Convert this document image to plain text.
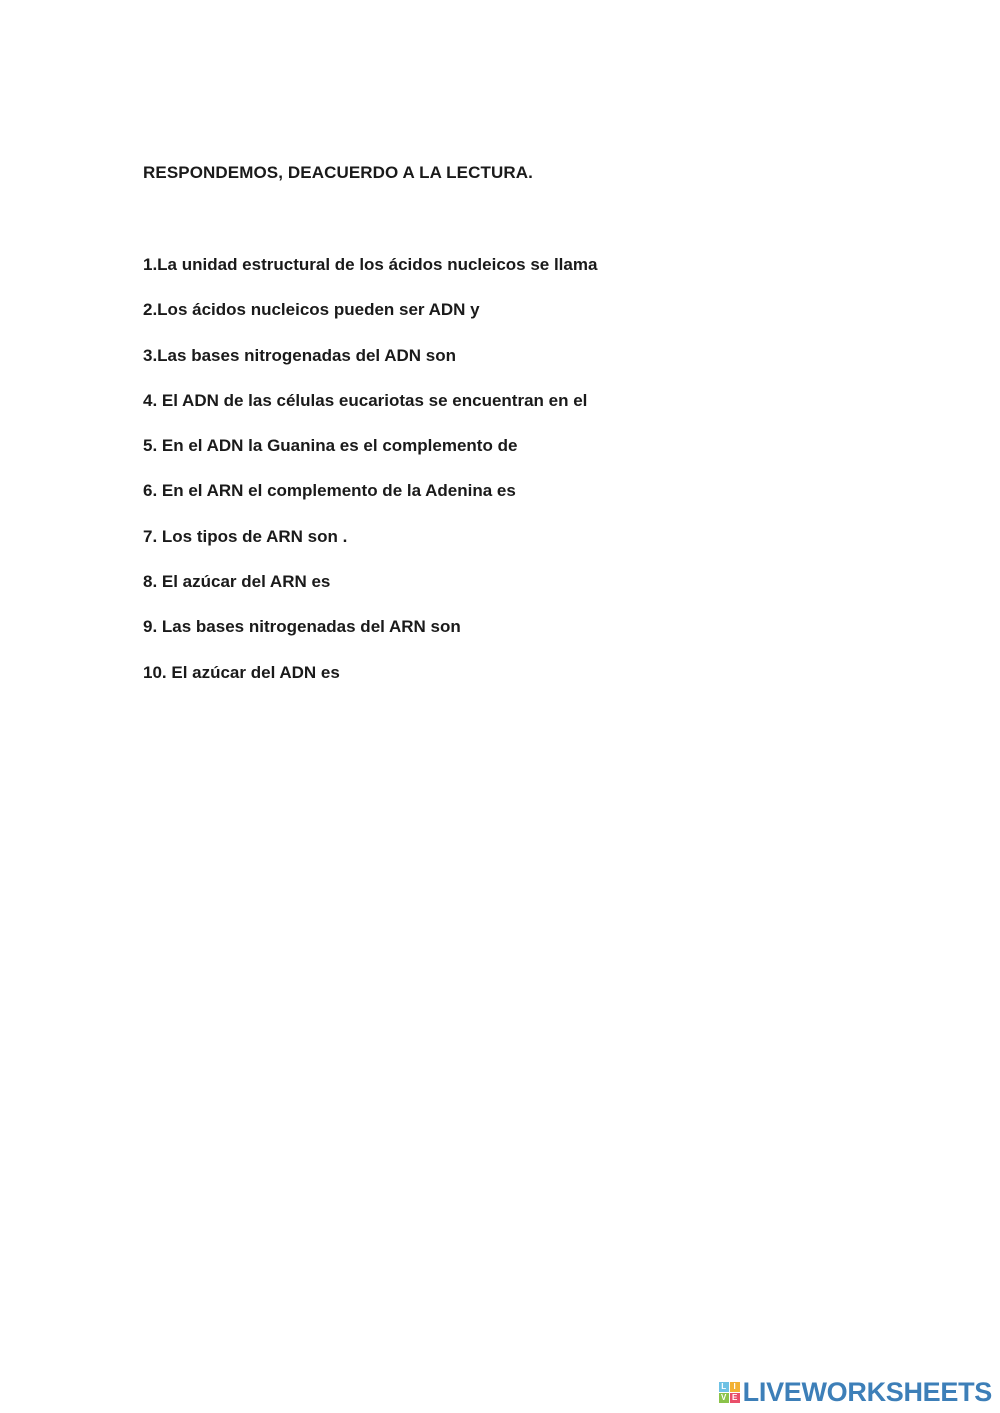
RESPONDEMOS, DEACUERDO A LA LECTURA.
1.La unidad estructural de los ácidos nucleicos se llama
2.Los ácidos nucleicos pueden ser ADN y
3.Las bases nitrogenadas del ADN son
4. El ADN de las células eucariotas se encuentran en el
5. En el ADN la Guanina es el complemento de
6. En el ARN el complemento de la Adenina es
7. Los tipos de ARN son .
8. El azúcar del ARN es
9. Las bases nitrogenadas del ARN son
10. El azúcar del ADN es
L I
V E LIVEWORKSHEETS
